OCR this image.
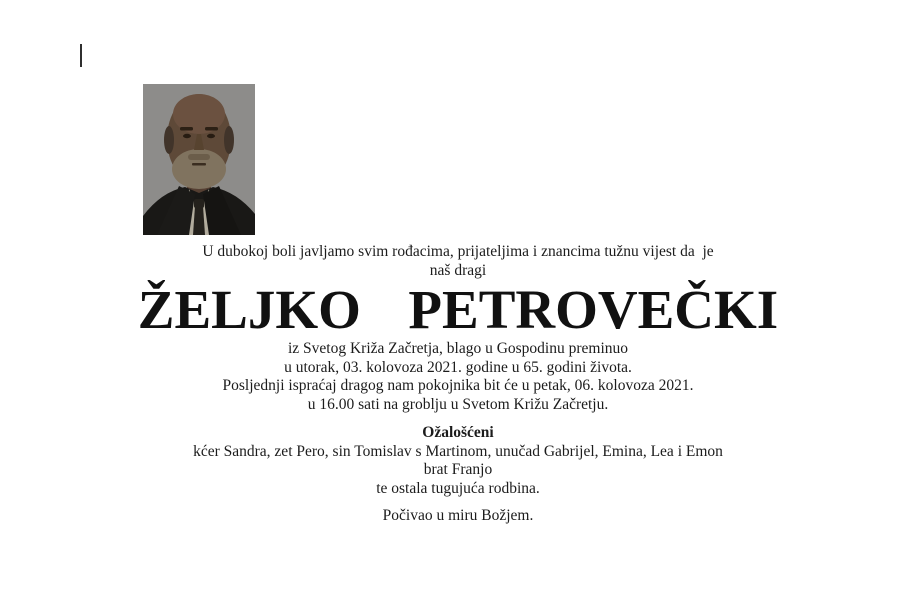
U dubokoj boli javljamo svim rođacima, prijateljima i znancima tužnu vijest da  je
naš dragi
ŽELJKO  PETROVEČKI
iz Svetog Križa Začretja, blago u Gospodinu preminuo
u utorak, 03. kolovoza 2021. godine u 65. godini života.
Posljednji ispraćaj dragog nam pokojnika bit će u petak, 06. kolovoza 2021.
u 16.00 sati na groblju u Svetom Križu Začretju.
Ožalošćeni
kćer Sandra, zet Pero, sin Tomislav s Martinom, unučad Gabrijel, Emina, Lea i Emon
brat Franjo
te ostala tugujuća rodbina.
Počivao u miru Božjem.
